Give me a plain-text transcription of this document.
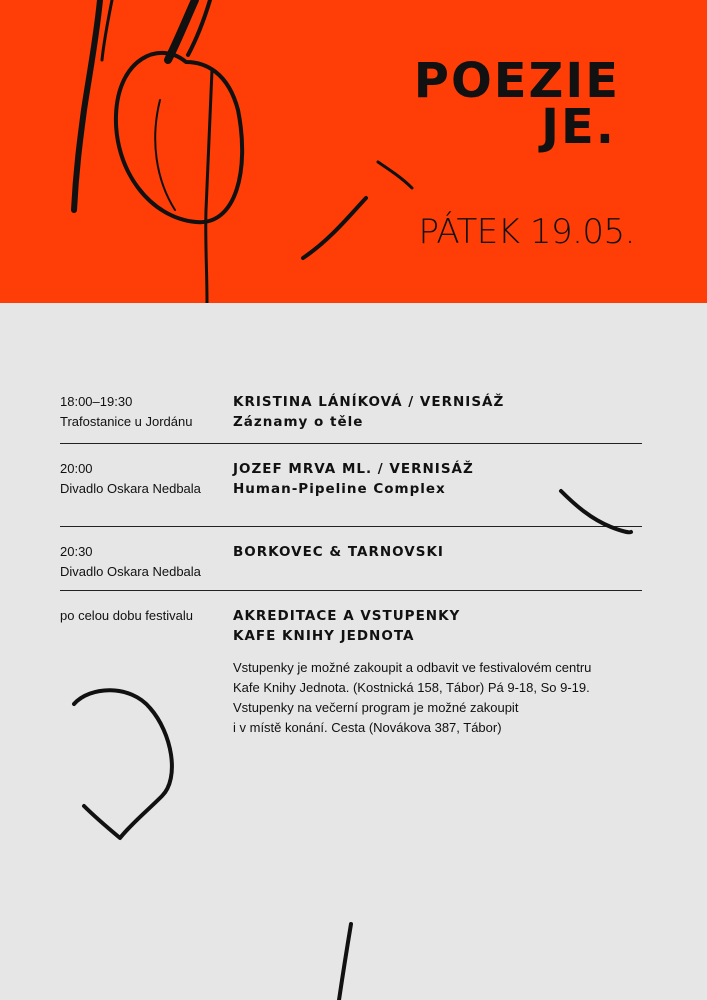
POEZIE
JE.
PÁTEK 19.05.
18:00–19:30
Trafostanice u Jordánu
KRISTINA LÁNÍKOVÁ / VERNISÁŽ
Záznamy o těle
20:00
Divadlo Oskara Nedbala
JOZEF MRVA ML. / VERNISÁŽ
Human-Pipeline Complex
20:30
Divadlo Oskara Nedbala
BORKOVEC & TARNOVSKI
po celou dobu festivalu	AKREDITACE A VSTUPENKY
KAFE KNIHY JEDNOTA
Vstupenky je možné zakoupit a odbavit ve festivalovém centru
Kafe Knihy Jednota. (Kostnická 158, Tábor) Pá 9-18, So 9-19.
Vstupenky na večerní program je možné zakoupit
i v místě konání. Cesta (Novákova 387, Tábor)
